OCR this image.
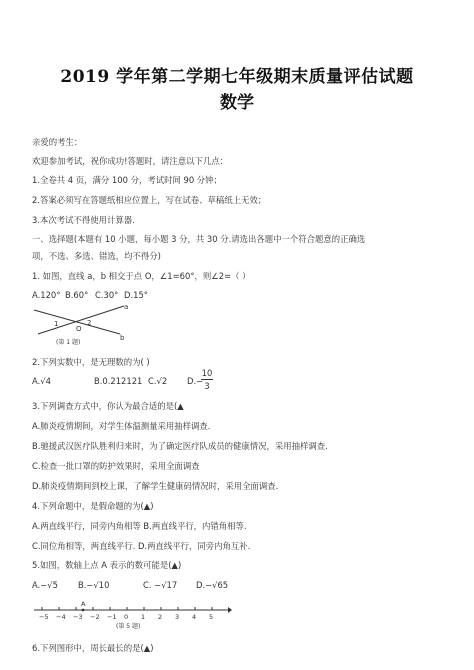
2019 学年第二学期七年级期末质量评估试题
数学
亲爱的考生：
欢迎参加考试，祝你成功!答题时，请注意以下几点：
1.全卷共 4 页，满分 100 分，考试时间 90 分钟；
2.答案必须写在答题纸相应位置上，写在试卷、草稿纸上无效；
3.本次考试不得使用计算器.
一、选择题(本题有 10 小题，每小题 3 分，共 30 分.请选出各题中一个符合题意的正确选
项，不选、多选、错选，均不得分)
1. 如图，直线 a，b 相交于点 O，∠1=60°，则∠2=（ ）
A.120° B.60° C.30° D.15°
1	2
O
a
b
(第 1 题)
2.下列实数中，是无理数的为( )
A.√4	B.0.212121 C.√2 D.−
10
3
3.下列调查方式中，你认为最合适的是(▲
A.肺炎疫情期间，对学生体温测量采用抽样调查.
B.驰援武汉医疗队胜利归来时，为了确定医疗队成员的健康情况，采用抽样调查.
C.检查一批口罩的防护效果时，采用全面调查
D.肺炎疫情期间到校上课，了解学生健康码情况时，采用全面调查.
4.下列命题中，是假命题的为(▲)
A.两直线平行，同旁内角相等 B.两直线平行，内错角相等.
C.同位角相等，两直线平行. D.两直线平行，同旁内角互补.
5.如图，数轴上点 A 表示的数可能是(▲)
A.−√5 B.−√10	C. −√17 D.−√65
−5 −4 −3 −2 −1 0 1 2 3 4 5
A
(第 5 题)
6.下列图形中，周长最长的是(▲)
